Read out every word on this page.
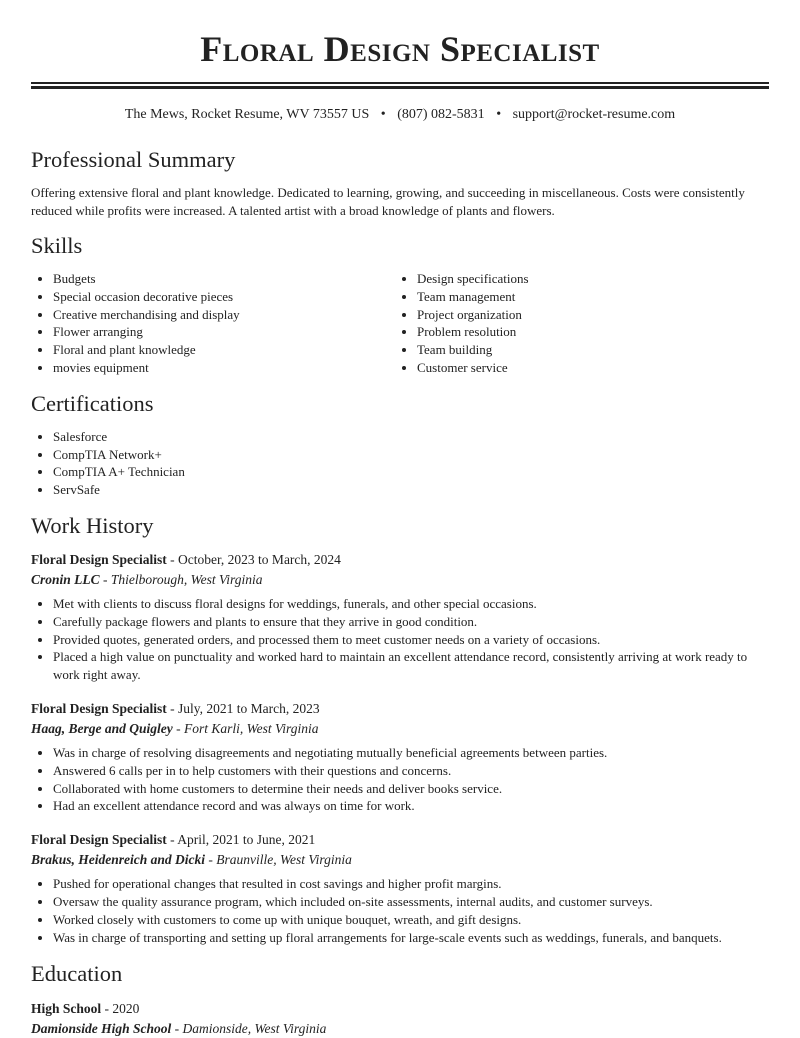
Floral Design Specialist
The Mews, Rocket Resume, WV 73557 US • (807) 082-5831 • support@rocket-resume.com
Professional Summary

Offering extensive floral and plant knowledge. Dedicated to learning, growing, and succeeding in miscellaneous. Costs were consistently reduced while profits were increased. A talented artist with a broad knowledge of plants and flowers.

Skills
• Budgets
• Special occasion decorative pieces
• Creative merchandising and display
• Flower arranging
• Floral and plant knowledge
• movies equipment
• Design specifications
• Team management
• Project organization
• Problem resolution
• Team building
• Customer service
Certifications
• Salesforce
• CompTIA Network+
• CompTIA A+ Technician
• ServSafe
Work History

Floral Design Specialist - October, 2023 to March, 2024

Cronin LLC - Thielborough, West Virginia

• Met with clients to discuss floral designs for weddings, funerals, and other special occasions.
• Carefully package flowers and plants to ensure that they arrive in good condition.
• Provided quotes, generated orders, and processed them to meet customer needs on a variety of occasions.
• Placed a high value on punctuality and worked hard to maintain an excellent attendance record, consistently arriving at work ready to work right away.

Floral Design Specialist - July, 2021 to March, 2023

Haag, Berge and Quigley - Fort Karli, West Virginia

• Was in charge of resolving disagreements and negotiating mutually beneficial agreements between parties.
• Answered 6 calls per in to help customers with their questions and concerns.
• Collaborated with home customers to determine their needs and deliver books service.
• Had an excellent attendance record and was always on time for work.

Floral Design Specialist - April, 2021 to June, 2021

Brakus, Heidenreich and Dicki - Braunville, West Virginia

• Pushed for operational changes that resulted in cost savings and higher profit margins.
• Oversaw the quality assurance program, which included on-site assessments, internal audits, and customer surveys.
• Worked closely with customers to come up with unique bouquet, wreath, and gift designs.
• Was in charge of transporting and setting up floral arrangements for large-scale events such as weddings, funerals, and banquets.
Education

High School - 2020

Damionside High School - Damionside, West Virginia
